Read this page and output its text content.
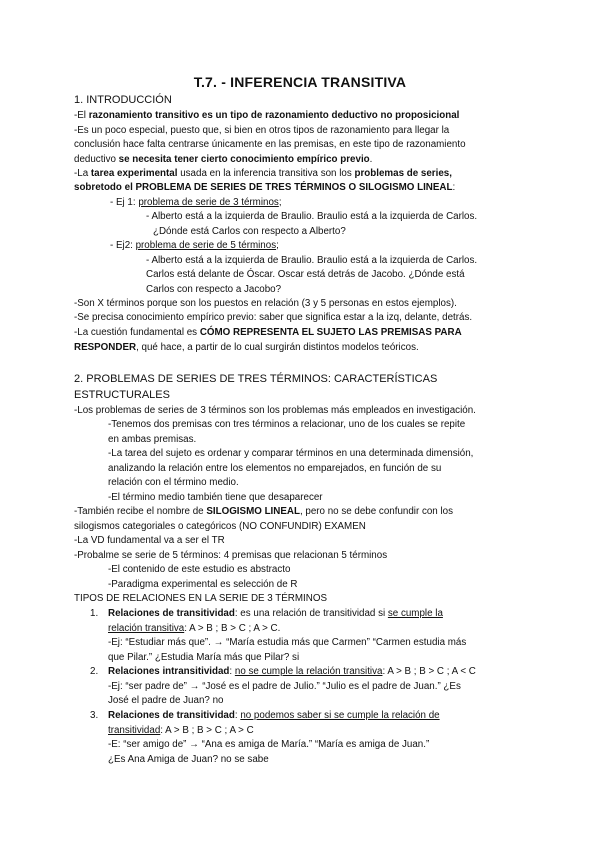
T.7. - INFERENCIA TRANSITIVA
1. INTRODUCCIÓN
-El razonamiento transitivo es un tipo de razonamiento deductivo no proposicional
-Es un poco especial, puesto que, si bien en otros tipos de razonamiento para llegar la
conclusión hace falta centrarse únicamente en las premisas, en este tipo de razonamiento
deductivo se necesita tener cierto conocimiento empírico previo.
-La tarea experimental usada en la inferencia transitiva son los problemas de series,
sobretodo el PROBLEMA DE SERIES DE TRES TÉRMINOS O SILOGISMO LINEAL:
- Ej 1: problema de serie de 3 términos;
- Alberto está a la izquierda de Braulio. Braulio está a la izquierda de Carlos.
¿Dónde está Carlos con respecto a Alberto?
- Ej2: problema de serie de 5 términos;
- Alberto está a la izquierda de Braulio. Braulio está a la izquierda de Carlos.
Carlos está delante de Óscar. Oscar está detrás de Jacobo. ¿Dónde está
Carlos con respecto a Jacobo?
-Son X términos porque son los puestos en relación (3 y 5 personas en estos ejemplos).
-Se precisa conocimiento empírico previo: saber que significa estar a la izq, delante, detrás.
-La cuestión fundamental es CÓMO REPRESENTA EL SUJETO LAS PREMISAS PARA
RESPONDER, qué hace, a partir de lo cual surgirán distintos modelos teóricos.
2. PROBLEMAS DE SERIES DE TRES TÉRMINOS: CARACTERÍSTICAS
ESTRUCTURALES
-Los problemas de series de 3 términos son los problemas más empleados en investigación.
-Tenemos dos premisas con tres términos a relacionar, uno de los cuales se repite
en ambas premisas.
-La tarea del sujeto es ordenar y comparar términos en una determinada dimensión,
analizando la relación entre los elementos no emparejados, en función de su
relación con el término medio.
-El término medio también tiene que desaparecer
-También recibe el nombre de SILOGISMO LINEAL, pero no se debe confundir con los
silogismos categoriales o categóricos (NO CONFUNDIR) EXAMEN
-La VD fundamental va a ser el TR
-Probalme se serie de 5 términos: 4 premisas que relacionan 5 términos
-El contenido de este estudio es abstracto
-Paradigma experimental es selección de R
TIPOS DE RELACIONES EN LA SERIE DE 3 TÉRMINOS
1. Relaciones de transitividad: es una relación de transitividad si se cumple la
relación transitiva: A > B ; B > C ; A > C.
-Ej: “Estudiar más que”. → “María estudia más que Carmen” “Carmen estudia más
que Pilar.” ¿Estudia María más que Pilar? si
2. Relaciones intransitividad: no se cumple la relación transitiva: A > B ; B > C ; A < C
-Ej: “ser padre de” → “José es el padre de Julio.” “Julio es el padre de Juan.” ¿Es
José el padre de Juan? no
3. Relaciones de transitividad: no podemos saber si se cumple la relación de
transitividad: A > B ; B > C ; A > C
-E: “ser amigo de” → “Ana es amiga de María.” “María es amiga de Juan.”
¿Es Ana Amiga de Juan? no se sabe
